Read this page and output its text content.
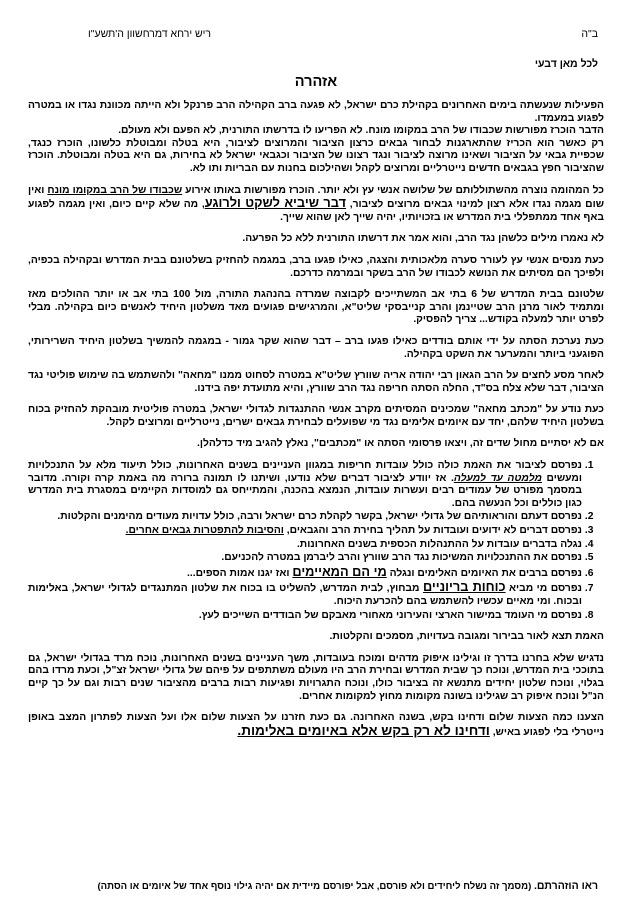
ב"ה
ריש ירחא דמרחשוון ה'תשע"ו
לכל מאן דבעי
אזהרה

הפעילות שנעשתה בימים האחרונים בקהילת כרם ישראל, לא פגעה ברב הקהילה הרב פרנקל ולא הייתה מכוונת נגדו או במטרה לפגוע במעמדו.
הדבר הוכרז מפורשות שכבודו של הרב במקומו מונח. לא הפריעו לו בדרשתו התורנית, לא הפעם ולא מעולם.
רק כאשר הוא הכריז שהתארגנות לבחור גבאים כרצון הציבור והמרוצים לציבור, היא בטלה ומבוטלת כלשונו, הוכרז כנגד, שכפיית גבאי על הציבור ושאינו מרוצה לציבור ונגד רצונו של הציבור וכגבאי ישראל לא בחירות, גם היא בטלה ומבוטלת. הוכרז שהציבור חפץ בגבאים חדשים נייטרליים ומרוצים לקהל ושהילכום בחנות עם הבריות ותו לא.

כל המהומה נוצרה מהשתוללותם של שלושה אנשי עץ ולא יותר. הוכרז מפורשות באותו אירוע שכבודו של הרב במקומו מונח ואין שום מגמה נגדו אלא רצון למינוי גבאים מרוצים לציבור, דבר שיביא לשקט ולרוגע, מה שלא קיים כיום, ואין מגמה לפגוע באף אחד ממתפללי בית המדרש או בזכויותיו, יהיה שייך לאן שהוא שייך.

לא נאמרו מילים כלשהן נגד הרב, והוא אמר את דרשתו התורנית ללא כל הפרעה.

כעת מנסים אנשי עץ לעורר סערה מלאכותית והצגה, כאילו פגעו ברב, במגמה להחזיק בשלטונם בבית המדרש ובקהילה בכפיה, ולפיכך הם מסיתים את הנושא לכבודו של הרב בשקר ובמרמה כדרכם.

שלטונם בבית המדרש של 6 בתי אב המשתייכים לקבוצה שמרדה בהנהגת התורה, מול 100 בתי אב או יותר ההולכים מאז ומתמיד לאור מרנן הרב שטיינמן והרב קנייבסקי שליט"א, והמרגישים פגועים מאד משלטון היחיד לאנשים כיום בקהילה. מבלי לפרט יותר למעלה בקודש... צריך להפסיק.

כעת נערכת הסתה על ידי אותם בודדים כאילו פגעו ברב – דבר שהוא שקר גמור - במגמה להמשיך בשלטון היחיד השרירותי, הפוגעני ביותר והמערער את השקט בקהילה.

לאחר מסע לחצים על הרב הגאון רבי יהודה אריה שוורץ שליט"א במטרה לסחוט ממנו "מחאה" ולהשתמש בה שימוש פוליטי נגד הציבור, דבר שלא צלח בס"ד, החלה הסתה חריפה נגד הרב שוורץ, והיא מתועדת יפה בידנו.

כעת נודע על "מכתב מחאה" שמכינים המסיתים מקרב אנשי ההתנגדות לגדולי ישראל, במטרה פוליטית מובהקת להחזיק בכוח בשלטון היחיד שלהם, יחד עם איומים אלימים נגד מי שפועלים לבחירת גבאים ישרים, נייטרליים ומרוצים לקהל.

אם לא יסתיים מחול שדים זה, ויצאו פרסומי הסתה או "מכתבים", נאלץ להגיב מיד כדלהלן.

1. נפרסם לציבור את האמת כולה כולל עובדות חריפות במגוון העניינים בשנים האחרונות, כולל תיעוד מלא על התנכלויות ומעשים מלמטה עד למעלה. אז יוודע לציבור דברים שלא נודעו, ושיתנו לו תמונה ברורה מה באמת קרה וקורה. מדובר במסמך מפורט של עמודים רבים ועשרות עובדות, הנמצא בהכנה, והמתייחס גם למוסדות הקיימים במסגרת בית המדרש כגון כוללים וכל הנעשה בהם.
2. נפרסם דעתם והוראותיהם של גדולי ישראל, בקשר לקהלת כרם ישראל ורבה, כולל עדויות מעודים מהימנים והקלטות.
3. נפרסם דברים לא ידועים ועובדות על תהליך בחירת הרב והגבאים, והסיבות להתפטרות גבאים אחרים.
4. נגלה בדברים עובדות על ההתנהלות הכספית בשנים האחרונות.
5. נפרסם את ההתנכלויות המשיכות נגד הרב שוורץ והרב ליברמן במטרה להכניעם.
6. נפרסם ברבים את האיומים האלימים ונגלה מי הם המאיימים ואז יגנו אמות הספים...
7. נפרסם מי מביא כוחות בריוניים מבחוץ, לבית המדרש, להשליט בו בכוח את שלטון המתנגדים לגדולי ישראל, באלימות ובכוח. ומי מאיים עכשיו להשתמש בהם להכרעת היכוח.
8. נפרסם מי העומד במישור הארצי והעירוני מאחורי מאבקם של הבודדים השייכים לעץ.

האמת תצא לאור בבירור ומגובה בעדויות, מסמכים והקלטות.

נדגיש שלא בחרנו בדרך זו וגילינו איפוק מדהים ומוכח בעובדות, משך העניינים בשנים האחרונות, נוכח מרד בגדולי ישראל, גם בתוככי בית המדרש, ונוכח כך שבית המדרש ובחירת הרב היו מעולם משתתפים על פיהם של גדולי ישראל זצ"ל, וכעת מרדו בהם בגלוי, ונוכח שלטון יחידים מתנשא זה בציבור כולו, ונוכח התגרויות ופגיעות רבות ברבים מהציבור שנים רבות וגם על כך קיים הנ"ל ונוכח איפוק רב שגילינו בשונה מקומות מחוץ למקומות אחרים.

הצענו כמה הצעות שלום ודחינו בקש, בשנה האחרונה. גם כעת חזרנו על הצעות שלום אלו ועל הצעות לפתרון המצב באופן נייטרלי בלי לפגוע באיש, ודחינו לא רק בקש אלא באיומים באלימות.

ראו הוזהרתם. (מסמך זה נשלח ליחידים ולא פורסם, אבל יפורסם מיידית אם יהיה גילוי נוסף אחד של איומים או הסתה)
